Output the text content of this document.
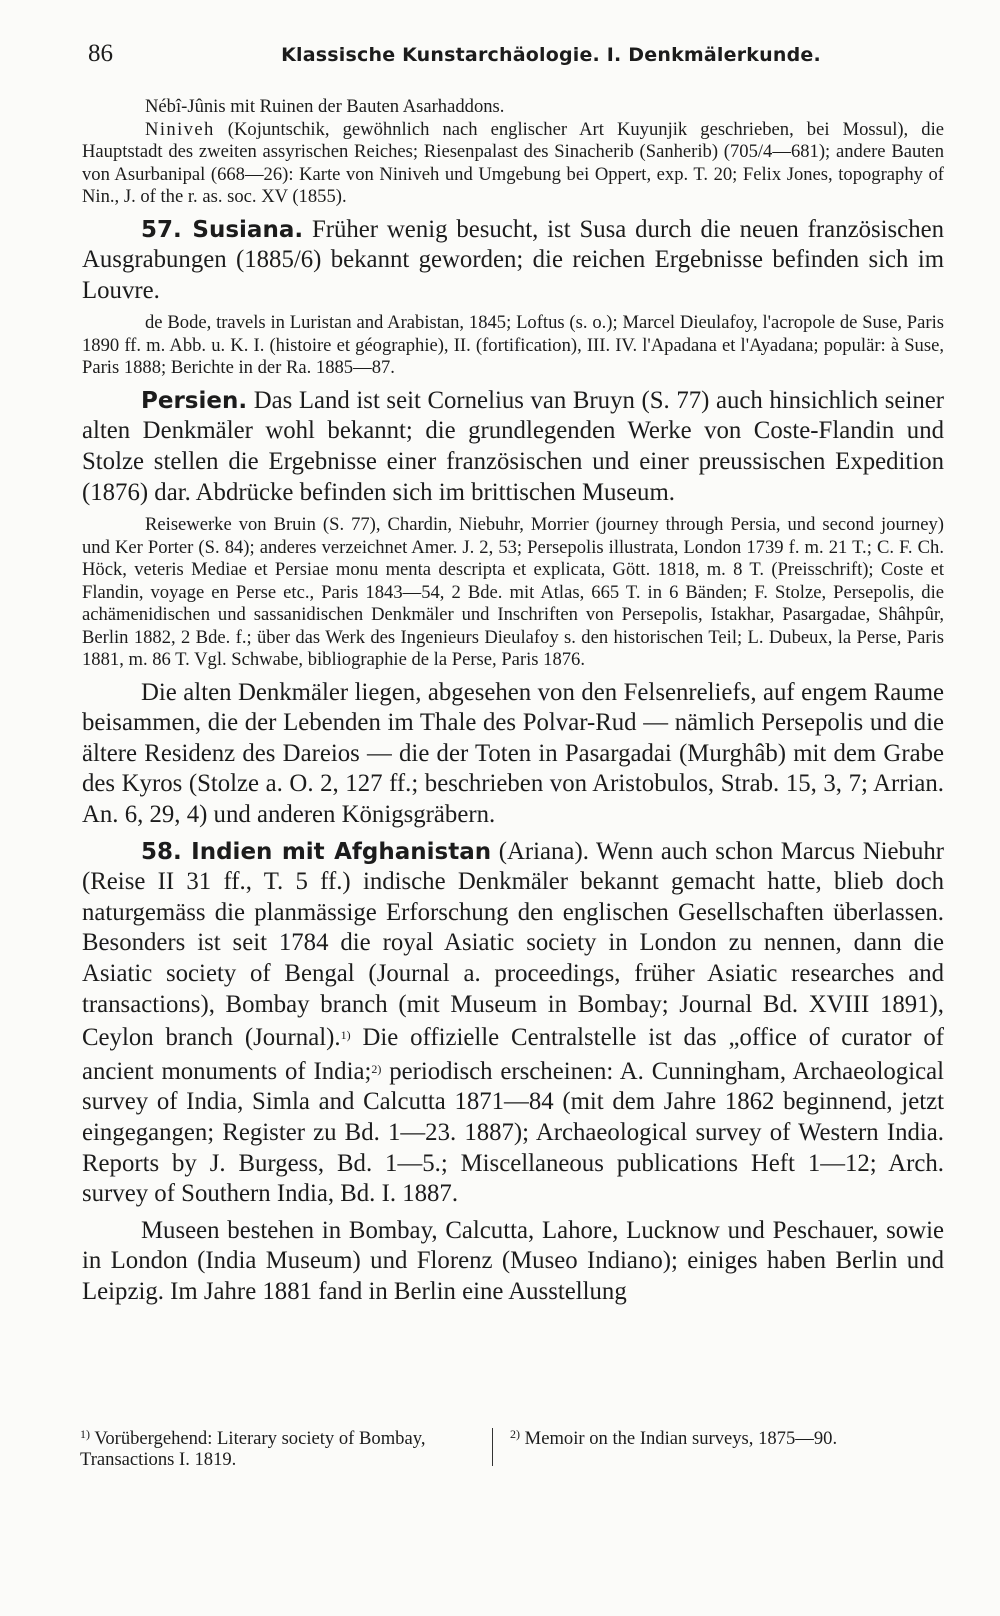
86	Klassische Kunstarchäologie. I. Denkmälerkunde.

Nébî-Jûnis mit Ruinen der Bauten Asarhaddons.

Niniveh (Kojuntschik, gewöhnlich nach englischer Art Kuyunjik geschrieben, bei Mossul), die Hauptstadt des zweiten assyrischen Reiches; Riesenpalast des Sinacherib (Sanherib) (705/4—681); andere Bauten von Asurbanipal (668—26): Karte von Niniveh und Umgebung bei Oppert, exp. T. 20; Felix Jones, topography of Nin., J. of the r. as. soc. XV (1855).

57. Susiana. Früher wenig besucht, ist Susa durch die neuen französischen Ausgrabungen (1885/6) bekannt geworden; die reichen Ergebnisse befinden sich im Louvre.

de Bode, travels in Luristan and Arabistan, 1845; Loftus (s. o.); Marcel Dieulafoy, l'acropole de Suse, Paris 1890 ff. m. Abb. u. K. I. (histoire et géographie), II. (fortification), III. IV. l'Apadana et l'Ayadana; populär: à Suse, Paris 1888; Berichte in der Ra. 1885—87.

Persien. Das Land ist seit Cornelius van Bruyn (S. 77) auch hinsichlich seiner alten Denkmäler wohl bekannt; die grundlegenden Werke von Coste-Flandin und Stolze stellen die Ergebnisse einer französischen und einer preussischen Expedition (1876) dar. Abdrücke befinden sich im brittischen Museum.

Reisewerke von Bruin (S. 77), Chardin, Niebuhr, Morrier (journey through Persia, und second journey) und Ker Porter (S. 84); anderes verzeichnet Amer. J. 2, 53; Persepolis illustrata, London 1739 f. m. 21 T.; C. F. Ch. Höck, veteris Mediae et Persiae monu menta descripta et explicata, Gött. 1818, m. 8 T. (Preisschrift); Coste et Flandin, voyage en Perse etc., Paris 1843—54, 2 Bde. mit Atlas, 665 T. in 6 Bänden; F. Stolze, Persepolis, die achämenidischen und sassanidischen Denkmäler und Inschriften von Persepolis, Istakhar, Pasargadae, Shâhpûr, Berlin 1882, 2 Bde. f.; über das Werk des Ingenieurs Dieulafoy s. den historischen Teil; L. Dubeux, la Perse, Paris 1881, m. 86 T. Vgl. Schwabe, bibliographie de la Perse, Paris 1876.

Die alten Denkmäler liegen, abgesehen von den Felsenreliefs, auf engem Raume beisammen, die der Lebenden im Thale des Polvar-Rud — nämlich Persepolis und die ältere Residenz des Dareios — die der Toten in Pasargadai (Murghâb) mit dem Grabe des Kyros (Stolze a. O. 2, 127 ff.; beschrieben von Aristobulos, Strab. 15, 3, 7; Arrian. An. 6, 29, 4) und anderen Königsgräbern.

58. Indien mit Afghanistan (Ariana). Wenn auch schon Marcus Niebuhr (Reise II 31 ff., T. 5 ff.) indische Denkmäler bekannt gemacht hatte, blieb doch naturgemäss die planmässige Erforschung den englischen Gesellschaften überlassen. Besonders ist seit 1784 die royal Asiatic society in London zu nennen, dann die Asiatic society of Bengal (Journal a. proceedings, früher Asiatic researches and transactions), Bombay branch (mit Museum in Bombay; Journal Bd. XVIII 1891), Ceylon branch (Journal).$^{1)}$ Die offizielle Centralstelle ist das „office of curator of ancient monuments of India;$^{2)}$ periodisch erscheinen: A. Cunningham, Archaeological survey of India, Simla and Calcutta 1871—84 (mit dem Jahre 1862 beginnend, jetzt eingegangen; Register zu Bd. 1—23. 1887); Archaeological survey of Western India. Reports by J. Burgess, Bd. 1—5.; Miscellaneous publications Heft 1—12; Arch. survey of Southern India, Bd. I. 1887.

Museen bestehen in Bombay, Calcutta, Lahore, Lucknow und Peschauer, sowie in London (India Museum) und Florenz (Museo Indiano); einiges haben Berlin und Leipzig. Im Jahre 1881 fand in Berlin eine Ausstellung

$^{1)}$ Vorübergehend: Literary society of Bombay, Transactions I. 1819.
$^{2)}$ Memoir on the Indian surveys, 1875—90.
